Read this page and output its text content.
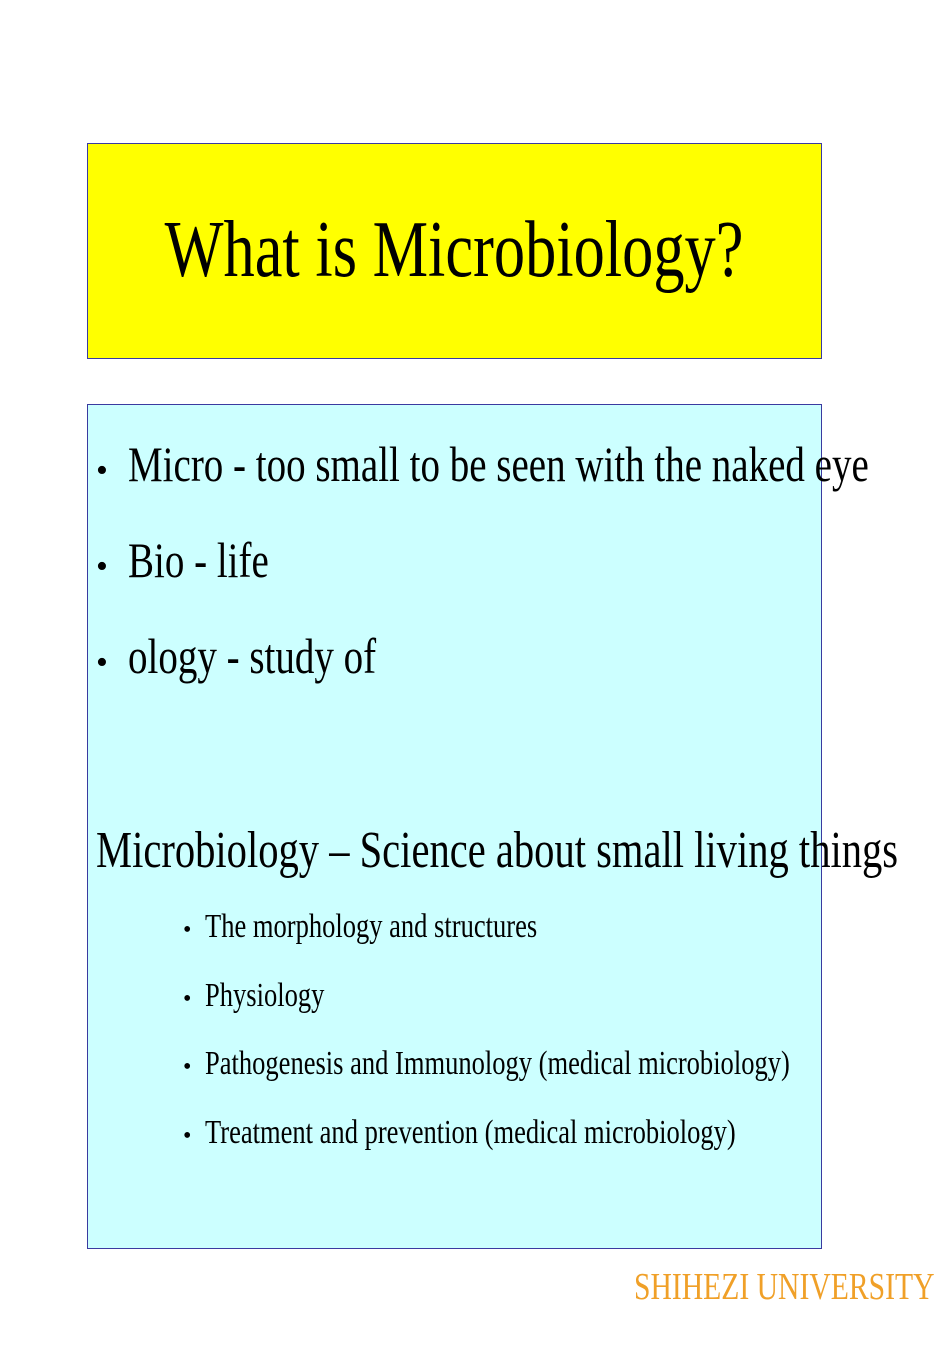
What is Microbiology?
• Micro - too small to be seen with the naked eye
• Bio - life
• ology - study of
Microbiology – Science about small living things
• The morphology and structures
• Physiology
• Pathogenesis and Immunology (medical microbiology)
• Treatment and prevention (medical microbiology)
SHIHEZI UNIVERSITY
